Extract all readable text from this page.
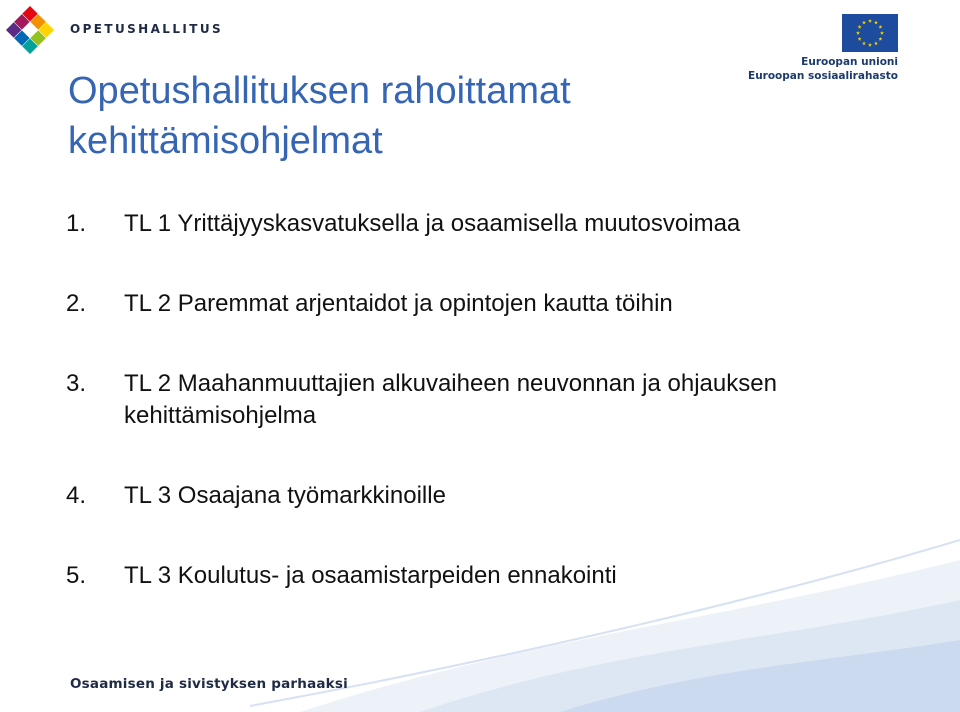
OPETUSHALLITUS
Euroopan unioni
Euroopan sosiaalirahasto
Opetushallituksen rahoittamat
kehittämisohjelmat
1. TL 1 Yrittäjyyskasvatuksella ja osaamisella muutosvoimaa
2. TL 2 Paremmat arjentaidot ja opintojen kautta töihin
3. TL 2 Maahanmuuttajien alkuvaiheen neuvonnan ja ohjauksen
kehittämisohjelma
4. TL 3 Osaajana työmarkkinoille
5. TL 3 Koulutus- ja osaamistarpeiden ennakointi
Osaamisen ja sivistyksen parhaaksi
